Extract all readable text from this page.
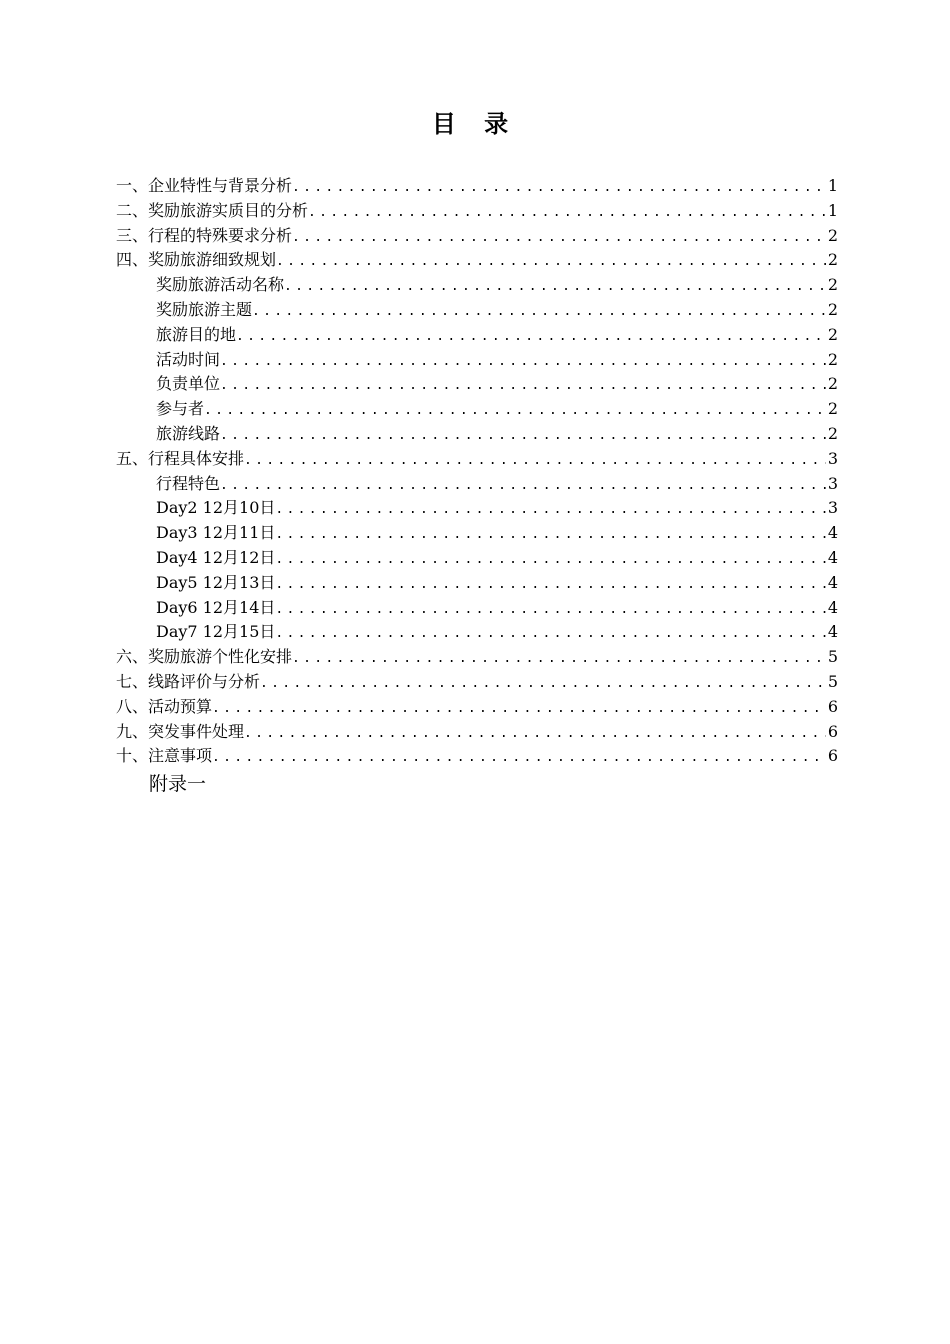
目 录
一、企业特性与背景分析 .....	1
二、奖励旅游实质目的分析 .....	1
三、行程的特殊要求分析 .....	2
四、奖励旅游细致规划 .....	2
奖励旅游活动名称 .....	2
奖励旅游主题 .....	2
旅游目的地 .....	2
活动时间 .....	2
负责单位 .....	2
参与者 .....	2
旅游线路 .....	2
五、行程具体安排 .....	3
行程特色 .....	3
Day2 12月10日 .....	3
Day3 12月11日 .....	4
Day4 12月12日 .....	4
Day5 12月13日 .....	4
Day6 12月14日 .....	4
Day7 12月15日 .....	4
六、奖励旅游个性化安排 .....	5
七、线路评价与分析 .....	5
八、活动预算 .....	6
九、突发事件处理 .....	6
十、注意事项 .....	6
附录一
